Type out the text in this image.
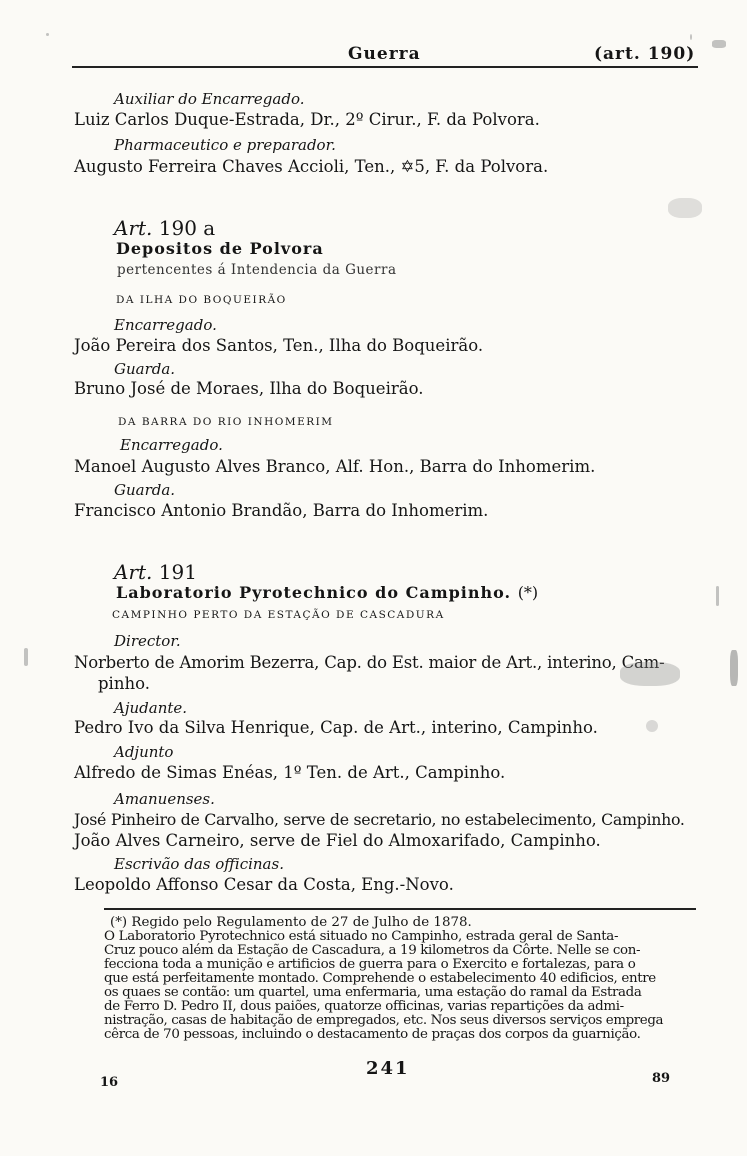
Guerra	(art. 190)
Auxiliar do Encarregado.
Luiz Carlos Duque-Estrada, Dr., 2º Cirur., F. da Polvora.
Pharmaceutico e preparador.
Augusto Ferreira Chaves Accioli, Ten., ✡5, F. da Polvora.
Art. 190 a
Depositos de Polvora
pertencentes á Intendencia da Guerra
DA ILHA DO BOQUEIRÃO
Encarregado.
João Pereira dos Santos, Ten., Ilha do Boqueirão.
Guarda.
Bruno José de Moraes, Ilha do Boqueirão.
DA BARRA DO RIO INHOMERIM
Encarregado.
Manoel Augusto Alves Branco, Alf. Hon., Barra do Inhomerim.
Guarda.
Francisco Antonio Brandão, Barra do Inhomerim.
Art. 191
Laboratorio Pyrotechnico do Campinho. (*)
CAMPINHO PERTO DA ESTAÇÃO DE CASCADURA
Director.
Norberto de Amorim Bezerra, Cap. do Est. maior de Art., interino, Cam-
pinho.
Ajudante.
Pedro Ivo da Silva Henrique, Cap. de Art., interino, Campinho.
Adjunto
Alfredo de Simas Enéas, 1º Ten. de Art., Campinho.
Amanuenses.
José Pinheiro de Carvalho, serve de secretario, no estabelecimento, Campinho.
João Alves Carneiro, serve de Fiel do Almoxarifado, Campinho.
Escrivão das officinas.
Leopoldo Affonso Cesar da Costa, Eng.-Novo.
(*) Regido pelo Regulamento de 27 de Julho de 1878.
O Laboratorio Pyrotechnico está situado no Campinho, estrada geral de Santa-
Cruz pouco além da Estação de Cascadura, a 19 kilometros da Côrte. Nelle se con-
fecciona toda a munição e artificios de guerra para o Exercito e fortalezas, para o
que está perfeitamente montado. Comprehende o estabelecimento 40 edificios, entre
os quaes se contão: um quartel, uma enfermaria, uma estação do ramal da Estrada
de Ferro D. Pedro II, dous paiões, quatorze officinas, varias repartições da admi-
nistração, casas de habitação de empregados, etc. Nos seus diversos serviços emprega
cêrca de 70 pessoas, incluindo o destacamento de praças dos corpos da guarnição.
241
16	89
